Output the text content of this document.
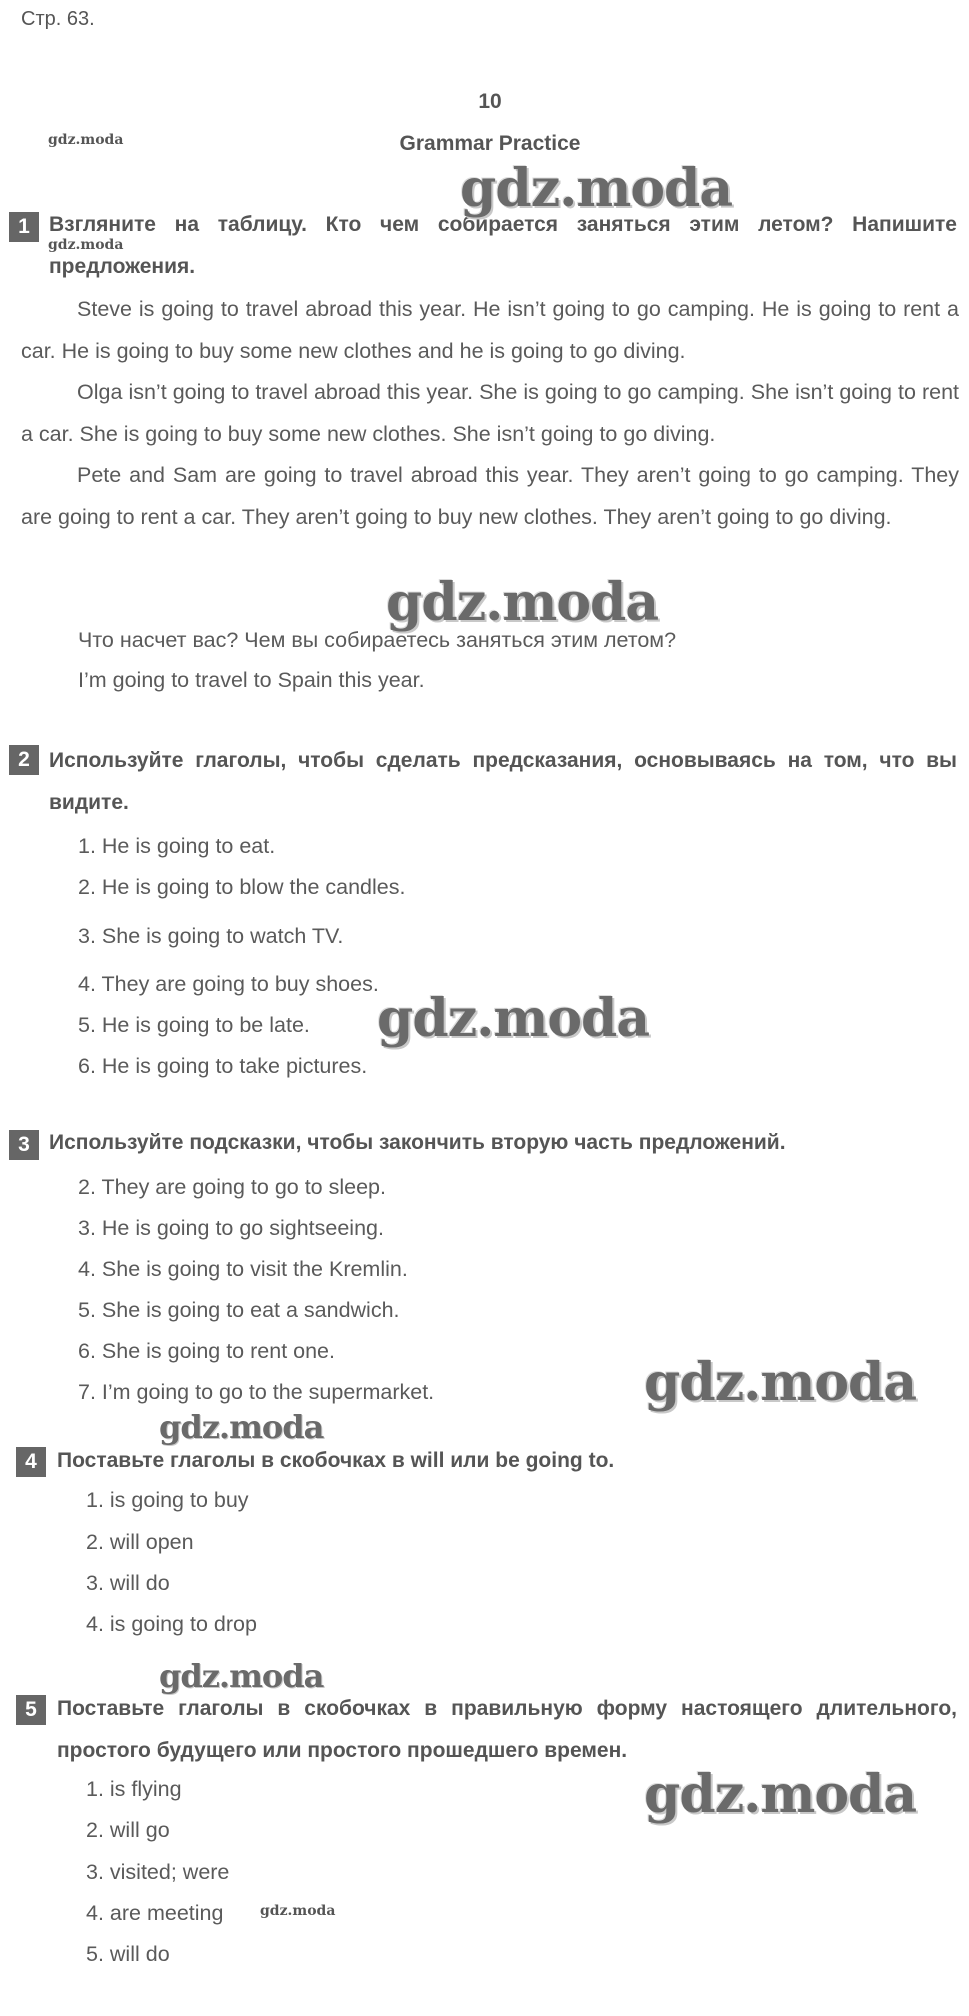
Стр. 63.
10
Grammar Practice
1 Взгляните на таблицу. Кто чем собирается заняться этим летом? Напишите предложения.
Steve is going to travel abroad this year. He isn’t going to go camping. He is going to rent a car. He is going to buy some new clothes and he is going to go diving.
Olga isn’t going to travel abroad this year. She is going to go camping. She isn’t going to rent a car. She is going to buy some new clothes. She isn’t going to go diving.
Pete and Sam are going to travel abroad this year. They aren’t going to go camping. They are going to rent a car. They aren’t going to buy new clothes. They aren’t going to go diving.
Что насчет вас? Чем вы собираетесь заняться этим летом?
I’m going to travel to Spain this year.
2 Используйте глаголы, чтобы сделать предсказания, основываясь на том, что вы видите.
1. He is going to eat.
2. He is going to blow the candles.
3. She is going to watch TV.
4. They are going to buy shoes.
5. He is going to be late.
6. He is going to take pictures.
3 Используйте подсказки, чтобы закончить вторую часть предложений.
2. They are going to go to sleep.
3. He is going to go sightseeing.
4. She is going to visit the Kremlin.
5. She is going to eat a sandwich.
6. She is going to rent one.
7. I’m going to go to the supermarket.
4 Поставьте глаголы в скобочках в will или be going to.
1. is going to buy
2. will open
3. will do
4. is going to drop
5 Поставьте глаголы в скобочках в правильную форму настоящего длительного, простого будущего или простого прошедшего времен.
1. is flying
2. will go
3. visited; were
4. are meeting
5. will do
gdz.moda
gdz.moda
gdz.moda
gdz.moda
gdz.moda
gdz.moda
gdz.moda
gdz.moda
gdz.moda
gdz.moda
